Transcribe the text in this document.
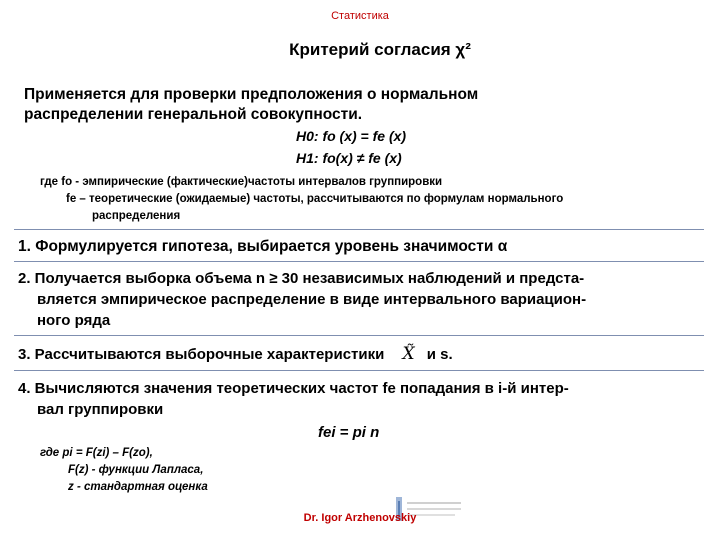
Статистика
Критерий согласия χ²
Применяется для проверки предположения о нормальном
распределении генеральной совокупности.
H0: fo (x) = fe (x)
H1: fo(x) ≠ fe (x)
где fo - эмпирические (фактические)частоты интервалов группировки
fe – теоретические (ожидаемые) частоты, рассчитываются по формулам нормального
распределения
1. Формулируется гипотеза, выбирается уровень значимости α
2. Получается выборка объема n ≥ 30 независимых наблюдений и предста-
вляется эмпирическое распределение в виде интервального вариацион-
ного ряда
3. Рассчитываются выборочные характеристики X̃ и s.
4. Вычисляются значения теоретических частот fe попадания в i-й интер-
вал группировки
fei = pi n
где pi = F(zi) – F(zo),
F(z) - функции Лапласа,
z - стандартная оценка
Dr. Igor Arzhenovskiy
